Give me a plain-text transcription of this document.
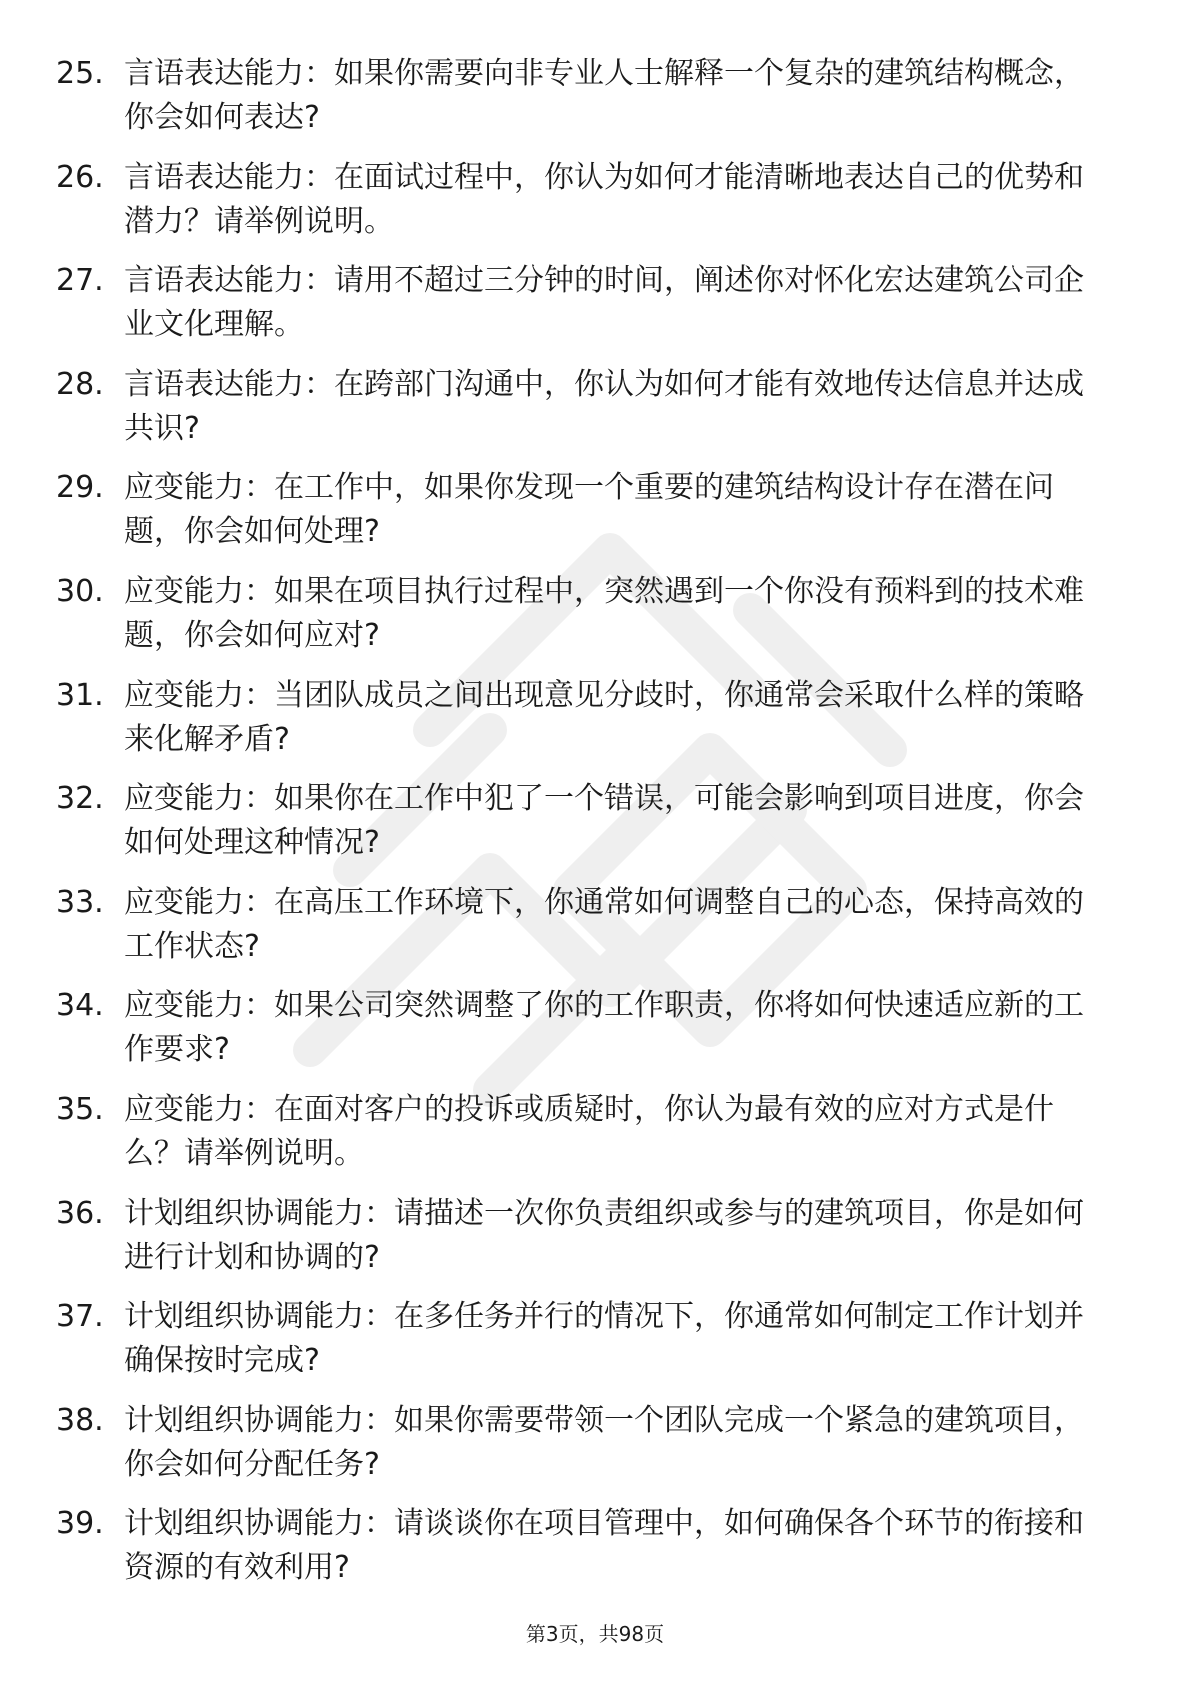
25. 言语表达能力：如果你需要向非专业人士解释一个复杂的建筑结构概念，你会如何表达?
26. 言语表达能力：在面试过程中，你认为如何才能清晰地表达自己的优势和潜力？请举例说明。
27. 言语表达能力：请用不超过三分钟的时间，阐述你对怀化宏达建筑公司企业文化理解。
28. 言语表达能力：在跨部门沟通中，你认为如何才能有效地传达信息并达成共识?
29. 应变能力：在工作中，如果你发现一个重要的建筑结构设计存在潜在问题，你会如何处理?
30. 应变能力：如果在项目执行过程中，突然遇到一个你没有预料到的技术难题，你会如何应对?
31. 应变能力：当团队成员之间出现意见分歧时，你通常会采取什么样的策略来化解矛盾?
32. 应变能力：如果你在工作中犯了一个错误，可能会影响到项目进度，你会如何处理这种情况?
33. 应变能力：在高压工作环境下，你通常如何调整自己的心态，保持高效的工作状态?
34. 应变能力：如果公司突然调整了你的工作职责，你将如何快速适应新的工作要求?
35. 应变能力：在面对客户的投诉或质疑时，你认为最有效的应对方式是什么？请举例说明。
36. 计划组织协调能力：请描述一次你负责组织或参与的建筑项目，你是如何进行计划和协调的?
37. 计划组织协调能力：在多任务并行的情况下，你通常如何制定工作计划并确保按时完成?
38. 计划组织协调能力：如果你需要带领一个团队完成一个紧急的建筑项目，你会如何分配任务?
39. 计划组织协调能力：请谈谈你在项目管理中，如何确保各个环节的衔接和资源的有效利用?
第3页，共98页
